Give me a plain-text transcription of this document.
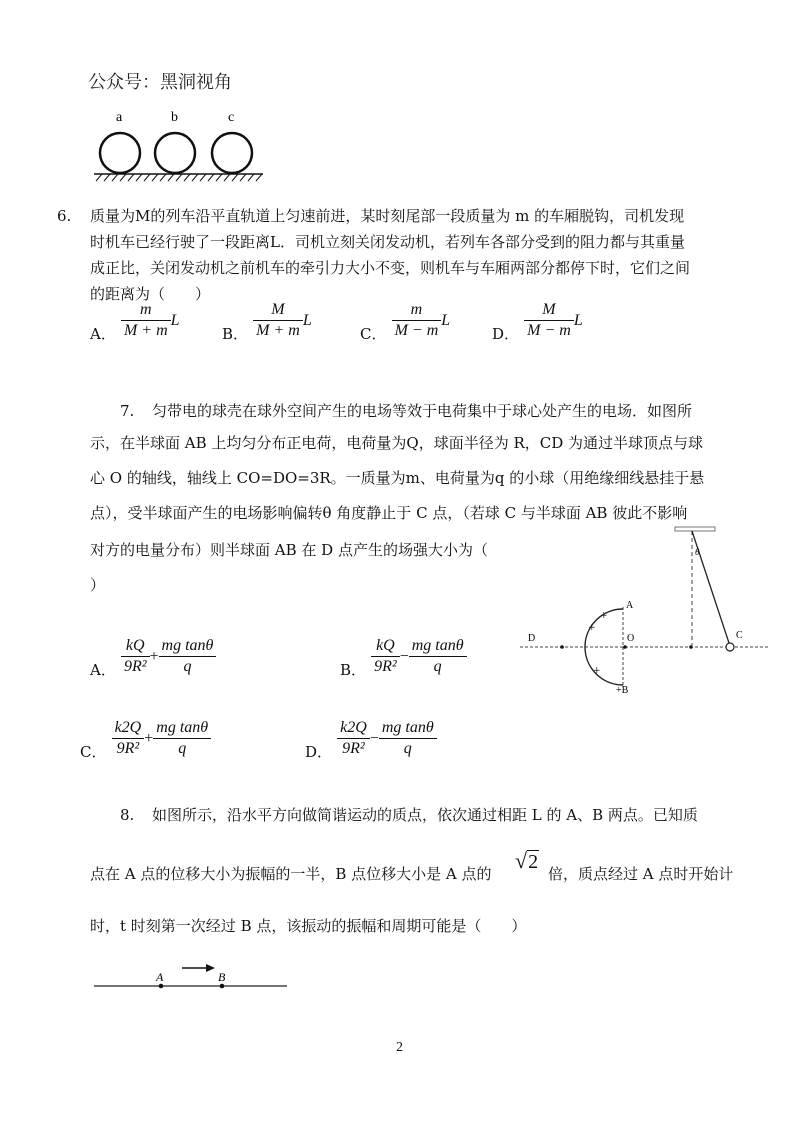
公众号：黑洞视角
a	b	c
6. 质量为M的列车沿平直轨道上匀速前进，某时刻尾部一段质量为 m 的车厢脱钩，司机发现
时机车已经行驶了一段距离L．司机立刻关闭发动机，若列车各部分受到的阻力都与其重量
成正比，关闭发动机之前机车的牵引力大小不变，则机车与车厢两部分都停下时，它们之间
的距离为（　　）
A． $\frac{m}{M + m}$ L
B． $\frac{M}{M + m}$ L
C． $\frac{m}{M - m}$ L
D． $\frac{M}{M - m}$ L
7. 匀带电的球壳在球外空间产生的电场等效于电荷集中于球心处产生的电场．如图所
示，在半球面 AB 上均匀分布正电荷，电荷量为Q，球面半径为 R，CD 为通过半球顶点与球
心 O 的轴线，轴线上 CO=DO=3R。一质量为m、电荷量为q 的小球（用绝缘细线悬挂于悬
点），受半球面产生的电场影响偏转θ 角度静止于 C 点，（若球 C 与半球面 AB 彼此不影响
对方的电量分布）则半球面 AB 在 D 点产生的场强大小为（
）
+
+
+
D	O
A
+B
C
θ
A． $\frac{kQ}{\text{9R²}} + \frac{\text{mg tanθ}}{q}$	B． $\frac{kQ}{\text{9R²}} - \frac{\text{mg tanθ}}{q}$
C． $\frac{k2Q}{\text{9R²}} + \frac{\text{mg tanθ}}{q}$	D． $\frac{k2Q}{\text{9R²}} - \frac{\text{mg tanθ}}{q}$
8. 如图所示，沿水平方向做简谐运动的质点，依次通过相距 L 的 A、B 两点。已知质
点在 A 点的位移大小为振幅的一半，B 点位移大小是 A 点的
√2
倍，质点经过 A 点时开始计
时，t 时刻第一次经过 B 点，该振动的振幅和周期可能是（　　）
A	B
2
